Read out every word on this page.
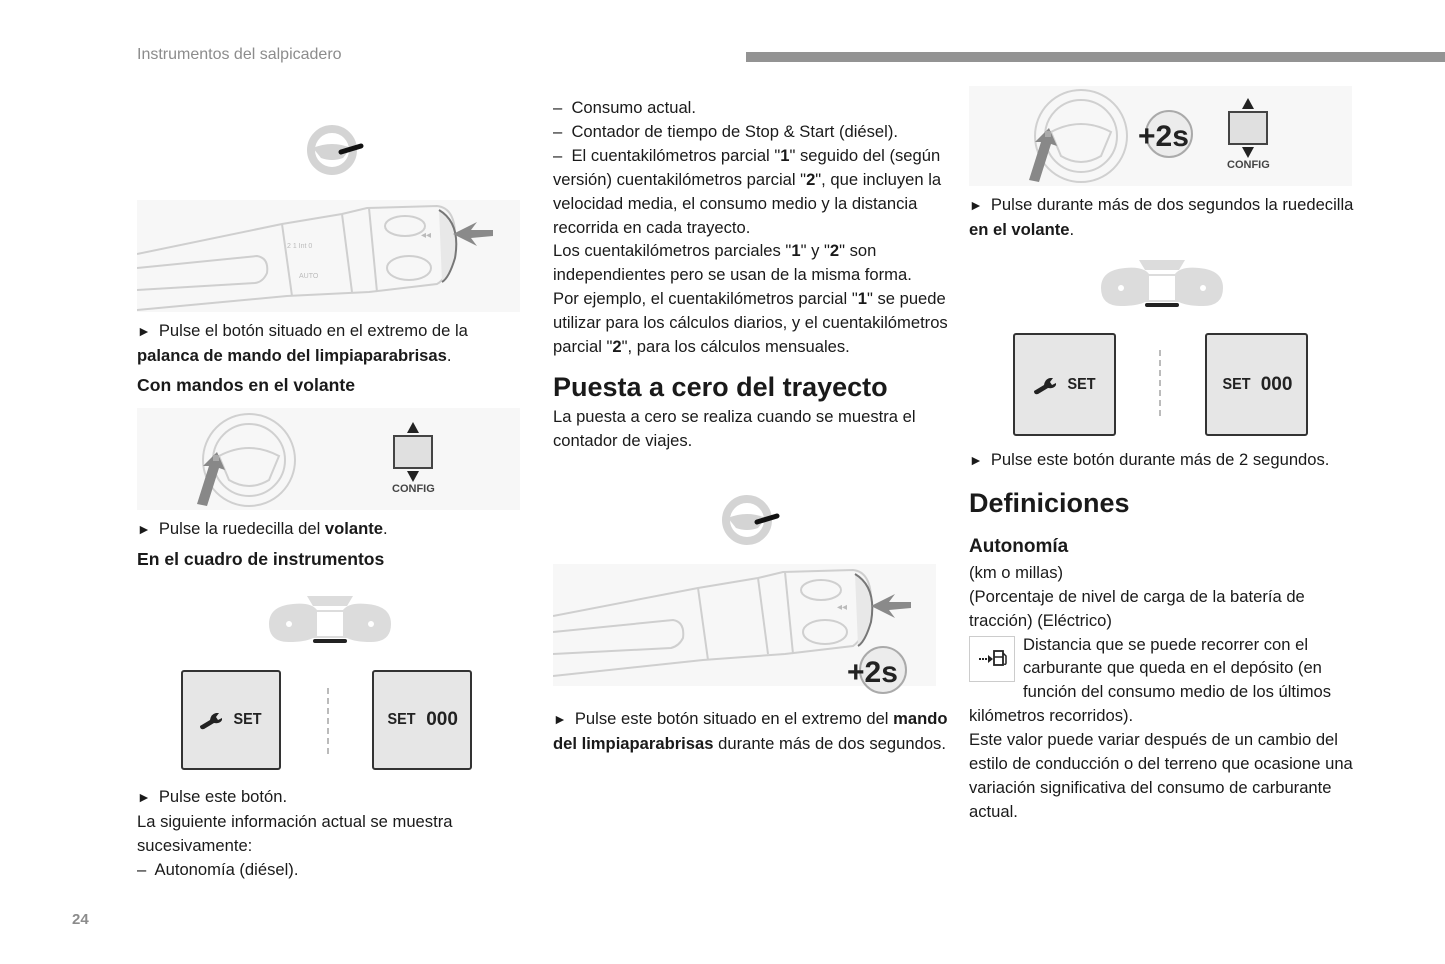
Instrumentos del salpicadero
2 1 Int 0
AUTO
◂◂

► Pulse el botón situado en el extremo de la palanca de mando del limpiaparabrisas.

Con mandos en el volante

CONFIG

► Pulse la ruedecilla del volante.

En el cuadro de instrumentos

SET	SET 000

► Pulse este botón.

La siguiente información actual se muestra sucesivamente:

–  Autonomía (diésel).

–  Consumo actual.

–  Contador de tiempo de Stop & Start (diésel).

–  El cuentakilómetros parcial "1" seguido del (según versión) cuentakilómetros parcial "2", que incluyen la velocidad media, el consumo medio y la distancia recorrida en cada trayecto.

Los cuentakilómetros parciales "1" y "2" son independientes pero se usan de la misma forma.

Por ejemplo, el cuentakilómetros parcial "1" se puede utilizar para los cálculos diarios, y el cuentakilómetros parcial "2", para los cálculos mensuales.

Puesta a cero del trayecto

La puesta a cero se realiza cuando se muestra el contador de viajes.

◂◂
+2s

► Pulse este botón situado en el extremo del mando del limpiaparabrisas durante más de dos segundos.

+2s
CONFIG

► Pulse durante más de dos segundos la ruedecilla en el volante.

SET	SET 000

► Pulse este botón durante más de 2 segundos.

Definiciones

Autonomía

(km o millas)

(Porcentaje de nivel de carga de la batería de tracción) (Eléctrico)

Distancia que se puede recorrer con el carburante que queda en el depósito (en función del consumo medio de los últimos kilómetros recorridos).

Este valor puede variar después de un cambio del estilo de conducción o del terreno que ocasione una variación significativa del consumo de carburante actual.

24
